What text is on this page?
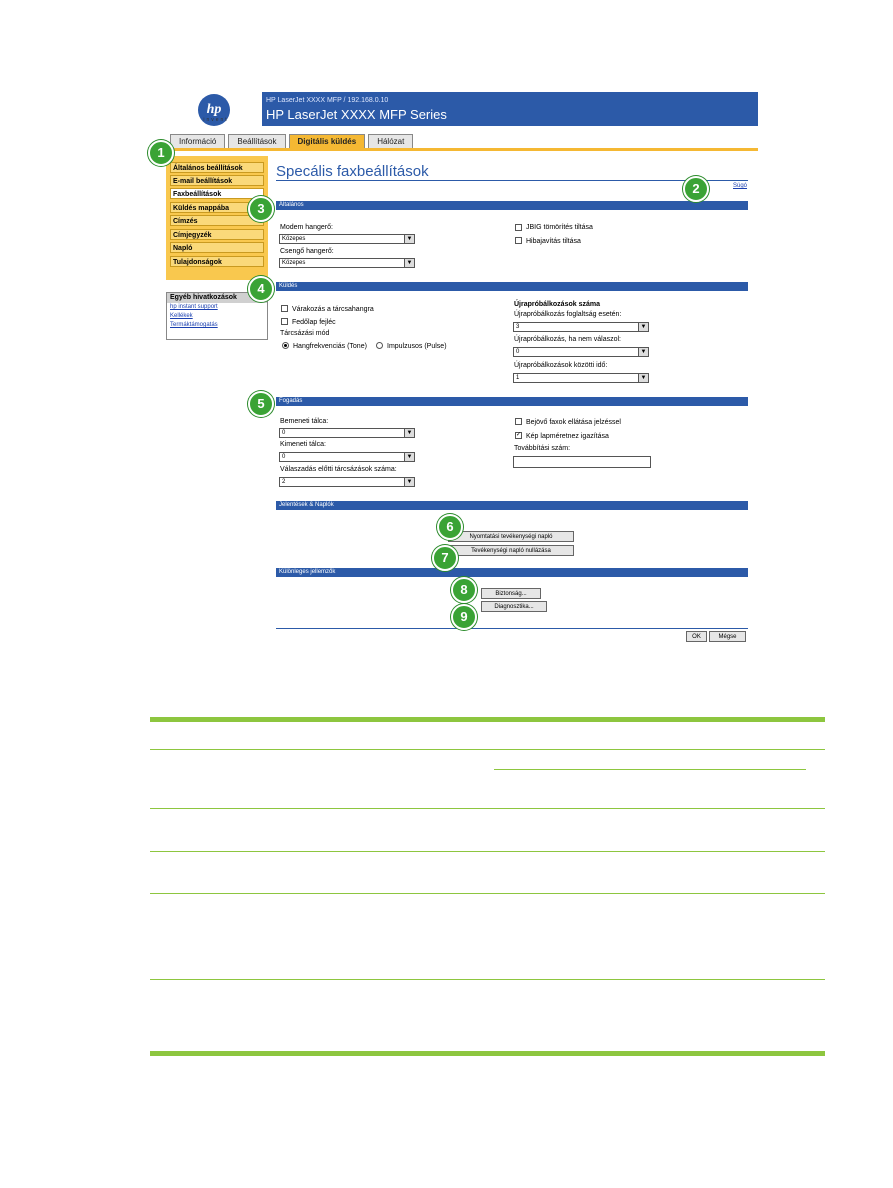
hp
invent
HP LaserJet XXXX MFP / 192.168.0.10
HP LaserJet XXXX MFP Series
Információ	Beállítások	Digitális küldés	Hálózat
Általános beállítások
E-mail beállítások
Faxbeállítások
Küldés mappába
Címzés
Címjegyzék
Napló
Tulajdonságok
Egyéb hivatkozások
hp instant support
Kellékek
Termáktámogatás
Specális faxbeállítások
Súgó
Általános
Modem hangerő:
Közepes	▼
Csengő hangerő:
Közepes	▼
JBIG tömörítés tiltása
Hibajavítás tiltása
Küldés
Várakozás a tárcsahangra
Fedőlap fejléc
Tárcsázási mód
Hangfrekvenciás (Tone)	Impulzusos (Pulse)
Újrapróbálkozások száma
Újrapróbálkozás foglaltság esetén:
3	▼
Újrapróbálkozás, ha nem válaszol:
0	▼
Újrapróbálkozások közötti idő:
1	▼
Fogadás
Bemeneti tálca:
0	▼
Kimeneti tálca:
0	▼
Válaszadás előtti tárcsázások száma:
2	▼
Bejövő faxok ellátása jelzéssel
✓ Kép lapméretnez igazítása
Továbbítási szám:
Jelentések & Naplók
Nyomtatási tevékenységi napló
Tevékenységi napló nullázása
Különleges jellemzők
Biztonság...
Diagnosztika...
OK	Mégse
1
2
3
4
5
6
7
8
9
